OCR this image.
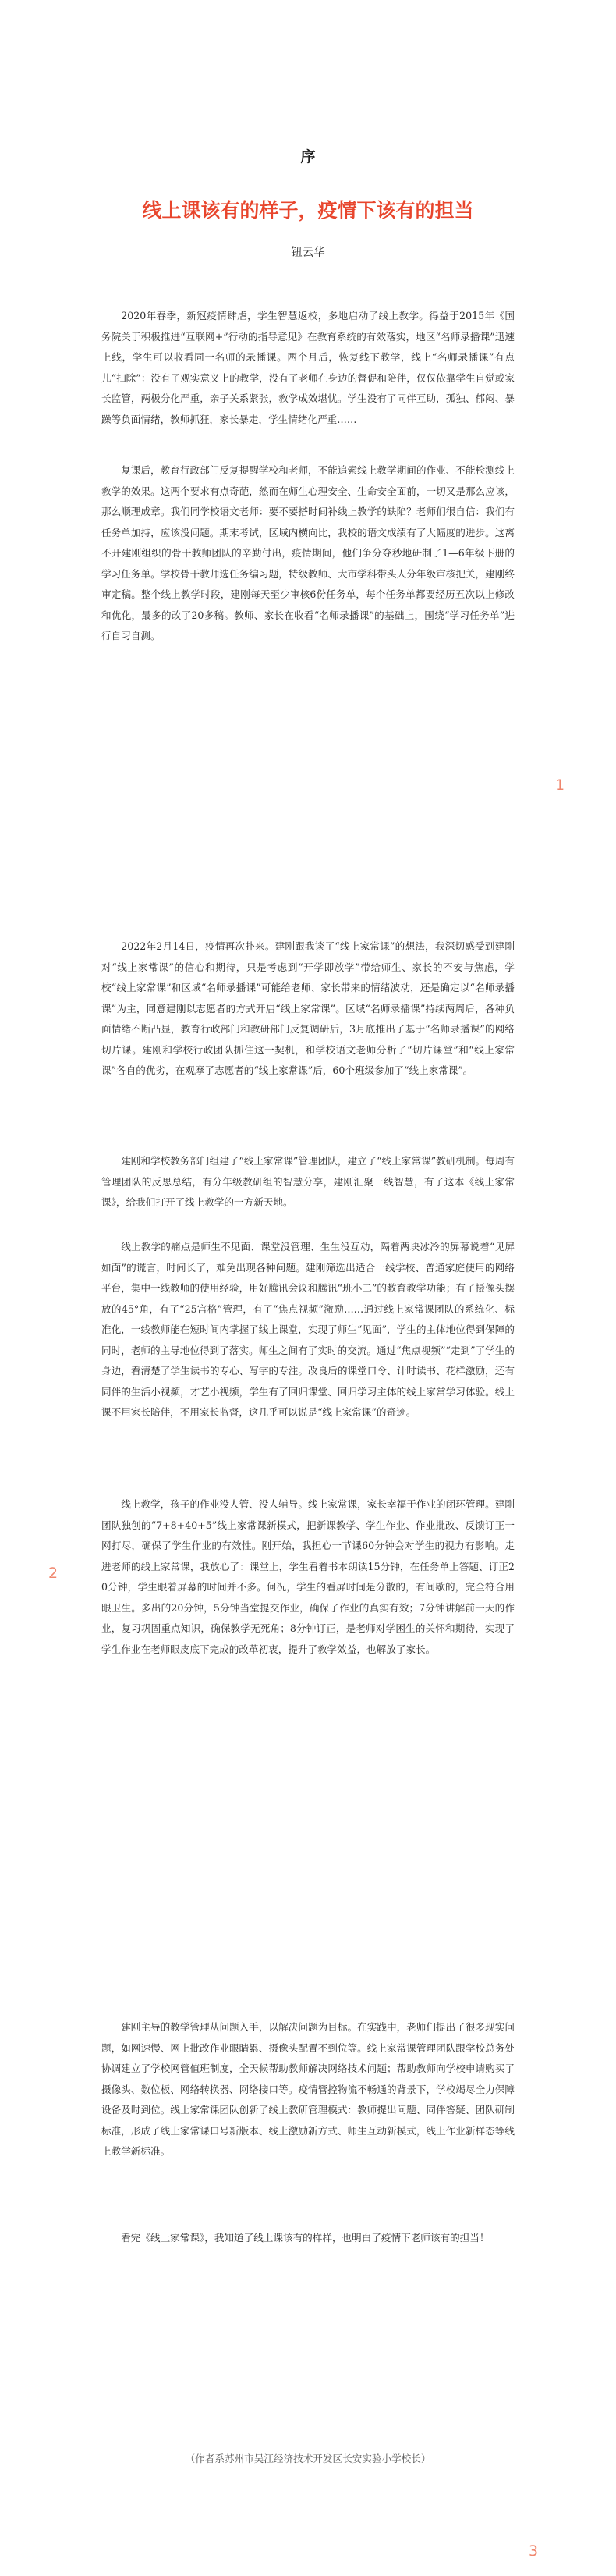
序
线上课该有的样子，疫情下该有的担当
钮云华

2020年春季，新冠疫情肆虐，学生智慧返校，多地启动了线上教学。得益于2015年《国务院关于积极推进“互联网+”行动的指导意见》在教育系统的有效落实，地区“名师录播课”迅速上线，学生可以收看同一名师的录播课。两个月后，恢复线下教学，线上“名师录播课”有点儿“扫除”：没有了观实意义上的教学，没有了老师在身边的督促和陪伴，仅仅依靠学生自觉或家长监管，两极分化严重，亲子关系紧张，教学成效堪忧。学生没有了同伴互助，孤独、郁闷、暴躁等负面情绪，教师抓狂，家长暴走，学生情绪化严重……

复课后，教育行政部门反复提醒学校和老师，不能追索线上教学期间的作业、不能检测线上教学的效果。这两个要求有点奇葩，然而在师生心理安全、生命安全面前，一切又是那么应该，那么顺理成章。我们同学校语文老师：要不要搭时间补线上教学的缺陷？老师们很自信：我们有任务单加持，应该没问题。期末考试，区域内横向比，我校的语文成绩有了大幅度的进步。这离不开建刚组织的骨干教师团队的辛勤付出，疫情期间，他们争分夺秒地研制了1—6年级下册的学习任务单。学校骨干教师选任务编习题，特级教师、大市学科带头人分年级审核把关，建刚终审定稿。整个线上教学时段，建刚每天至少审核6份任务单，每个任务单都要经历五次以上修改和优化，最多的改了20多稿。教师、家长在收看“名师录播课”的基础上，围绕“学习任务单”进行自习自测。

1

2022年2月14日，疫情再次扑来。建刚跟我谈了“线上家常课”的想法，我深切感受到建刚对“线上家常课”的信心和期待，只是考虑到“开学即放学”带给师生、家长的不安与焦虑，学校“线上家常课”和区域“名师录播课”可能给老师、家长带来的情绪波动，还是确定以“名师录播课”为主，同意建刚以志愿者的方式开启“线上家常课”。区域“名师录播课”持续两周后，各种负面情绪不断凸显，教育行政部门和教研部门反复调研后，3月底推出了基于“名师录播课”的网络切片课。建刚和学校行政团队抓住这一契机，和学校语文老师分析了“切片课堂”和“线上家常课”各自的优劣，在观摩了志愿者的“线上家常课”后，60个班级参加了“线上家常课”。

建刚和学校教务部门组建了“线上家常课”管理团队，建立了“线上家常课”教研机制。每周有管理团队的反思总结，有分年级教研组的智慧分享，建刚汇聚一线智慧，有了这本《线上家常课》，给我们打开了线上教学的一方新天地。

线上教学的痛点是师生不见面、课堂没管理、生生没互动，隔着两块冰冷的屏幕说着“见屏如面”的谎言，时间长了，难免出现各种问题。建刚筛选出适合一线学校、普通家庭使用的网络平台，集中一线教师的使用经验，用好腾讯会议和腾讯“班小二”的教育教学功能；有了摄像头摆放的45°角，有了“25宫格”管理，有了“焦点视频”激励……通过线上家常课团队的系统化、标准化，一线教师能在短时间内掌握了线上课堂，实现了师生“见面”，学生的主体地位得到保障的同时，老师的主导地位得到了落实。师生之间有了实时的交流。通过“焦点视频”“走到”了学生的身边，看清楚了学生读书的专心、写字的专注。改良后的课堂口令、计时读书、花样激励，还有同伴的生活小视频，才艺小视频，学生有了回归课堂、回归学习主体的线上家常学习体验。线上课不用家长陪伴，不用家长监督，这几乎可以说是“线上家常课”的奇迹。

线上教学，孩子的作业没人管、没人辅导。线上家常课，家长幸福于作业的闭环管理。建刚团队独创的“7+8+40+5”线上家常课新模式，把新课教学、学生作业、作业批改、反馈订正一网打尽，确保了学生作业的有效性。刚开始，我担心一节课60分钟会对学生的视力有影响。走进老师的线上家常课，我放心了：课堂上，学生看着书本朗读15分钟，在任务单上答题、订正20分钟，学生眼着屏幕的时间并不多。何况，学生的看屏时间是分散的，有间歇的，完全符合用眼卫生。多出的20分钟，5分钟当堂提交作业，确保了作业的真实有效；7分钟讲解前一天的作业，复习巩固重点知识，确保教学无死角；8分钟订正，是老师对学困生的关怀和期待，实现了学生作业在老师眼皮底下完成的改革初衷，提升了教学效益，也解放了家长。

2

建刚主导的教学管理从问题入手，以解决问题为目标。在实践中，老师们提出了很多现实问题，如网速慢、网上批改作业眼睛累、摄像头配置不到位等。线上家常课管理团队跟学校总务处协调建立了学校网管值班制度，全天候帮助教师解决网络技术问题；帮助教师向学校申请购买了摄像头、数位板、网络转换器、网络接口等。疫情管控物流不畅通的背景下，学校竭尽全力保障设备及时到位。线上家常课团队创新了线上教研管理模式：教师提出问题、同伴答疑、团队研制标准，形成了线上家常课口号新版本、线上激励新方式、师生互动新模式，线上作业新样态等线上教学新标准。

看完《线上家常课》，我知道了线上课该有的样样，也明白了疫情下老师该有的担当！

（作者系苏州市吴江经济技术开发区长安实验小学校长）
3
